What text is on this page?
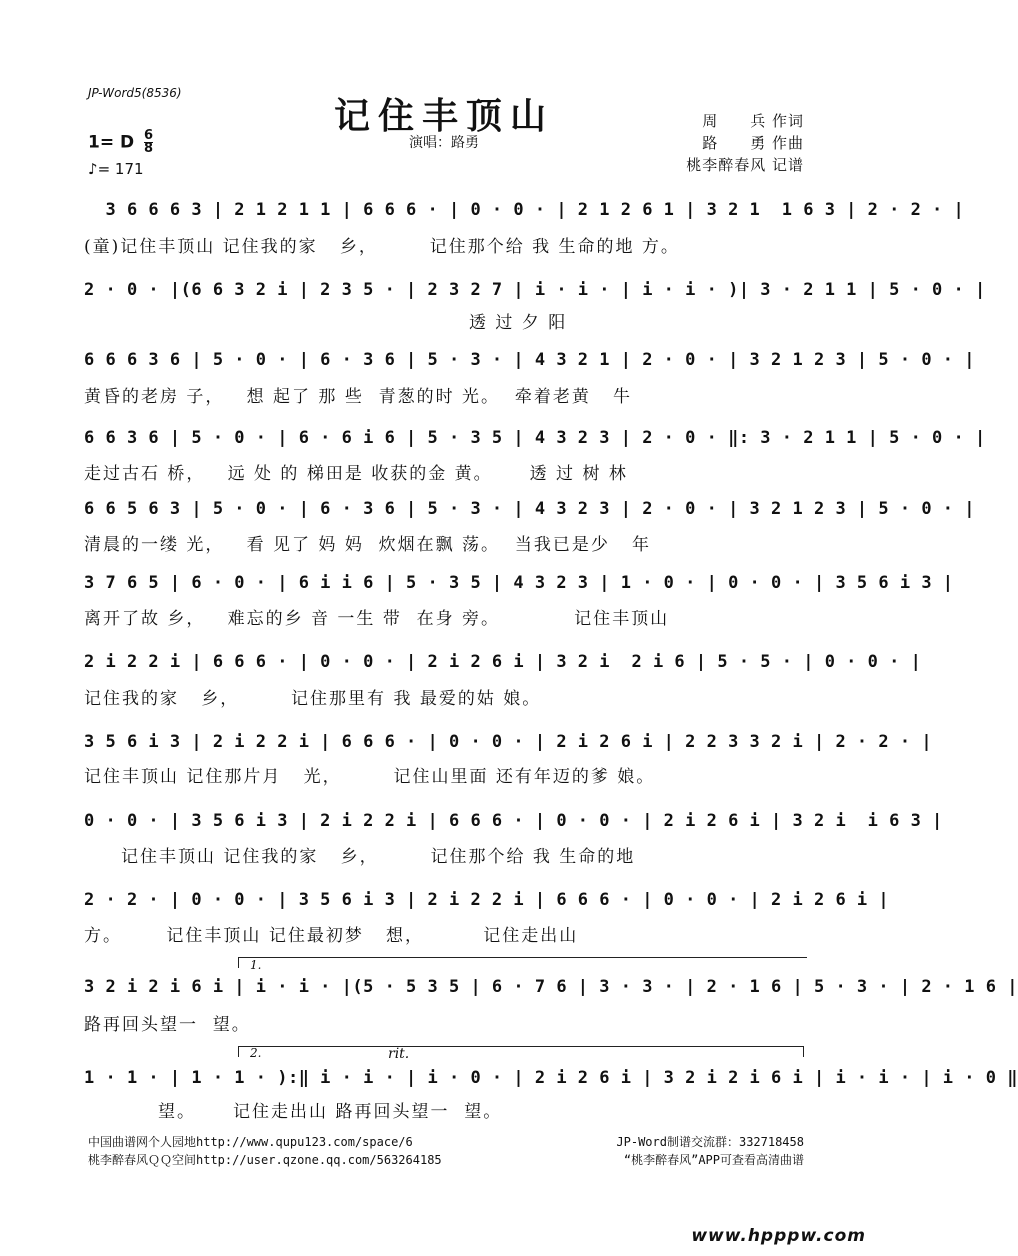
JP-Word5(8536)
记住丰顶山
演唱：路勇
1= D $\frac{6}{8}$
♪= 171
周　　兵 作词
路　　勇 作曲
桃李醉春风 记谱
3 6 6 6 3 | 2 1 2 1 1 | 6 6 6 · | 0 · 0 · | 2 1 2 6 1 | 3 2 1  1 6 3 | 2 · 2 · |
(童)记住丰顶山 记住我的家   乡，       记住那个给 我 生命的地 方。
2 · 0 · |(6 6 3 2 i | 2 3 5 · | 2 3 2 7 | i · i · | i · i · )| 3 · 2 1 1 | 5 · 0 · |
透 过 夕 阳
6 6 6 3 6 | 5 · 0 · | 6 · 3 6 | 5 · 3 · | 4 3 2 1 | 2 · 0 · | 3 2 1 2 3 | 5 · 0 · |
黄昏的老房 子，   想 起了 那 些  青葱的时 光。  牵着老黄   牛
6 6 3 6 | 5 · 0 · | 6 · 6 i 6 | 5 · 3 5 | 4 3 2 3 | 2 · 0 · ‖: 3 · 2 1 1 | 5 · 0 · |
走过古石 桥，   远 处 的 梯田是 收获的金 黄。     透 过 树 林
6 6 5 6 3 | 5 · 0 · | 6 · 3 6 | 5 · 3 · | 4 3 2 3 | 2 · 0 · | 3 2 1 2 3 | 5 · 0 · |
清晨的一缕 光，   看 见了 妈 妈  炊烟在飘 荡。  当我已是少   年
3 7 6 5 | 6 · 0 · | 6 i i 6 | 5 · 3 5 | 4 3 2 3 | 1 · 0 · | 0 · 0 · | 3 5 6 i 3 |
离开了故 乡，   难忘的乡 音 一生 带  在身 旁。          记住丰顶山
2 i 2 2 i | 6 6 6 · | 0 · 0 · | 2 i 2 6 i | 3 2 i  2 i 6 | 5 · 5 · | 0 · 0 · |
记住我的家   乡，       记住那里有 我 最爱的姑 娘。
3 5 6 i 3 | 2 i 2 2 i | 6 6 6 · | 0 · 0 · | 2 i 2 6 i | 2 2 3 3 2 i | 2 · 2 · |
记住丰顶山 记住那片月   光，       记住山里面 还有年迈的爹 娘。
0 · 0 · | 3 5 6 i 3 | 2 i 2 2 i | 6 6 6 · | 0 · 0 · | 2 i 2 6 i | 3 2 i  i 6 3 |
记住丰顶山 记住我的家   乡，       记住那个给 我 生命的地
2 · 2 · | 0 · 0 · | 3 5 6 i 3 | 2 i 2 2 i | 6 6 6 · | 0 · 0 · | 2 i 2 6 i |
方。      记住丰顶山 记住最初梦   想，        记住走出山
1.
3 2 i 2 i 6 i | i · i · |(5 · 5 3 5 | 6 · 7 6 | 3 · 3 · | 2 · 1 6 | 5 · 3 · | 2 · 1 6 |
路再回头望一  望。
2.	rit.
1 · 1 · | 1 · 1 · ):‖ i · i · | i · 0 · | 2 i 2 6 i | 3 2 i 2 i 6 i | i · i · | i · 0 ‖
望。     记住走出山 路再回头望一  望。
中国曲谱网个人园地http://www.qupu123.com/space/6
桃李醉春风ＱＱ空间http://user.qzone.qq.com/563264185
JP-Word制谱交流群：332718458
“桃李醉春风”APP可查看高清曲谱
www.hpppw.com
